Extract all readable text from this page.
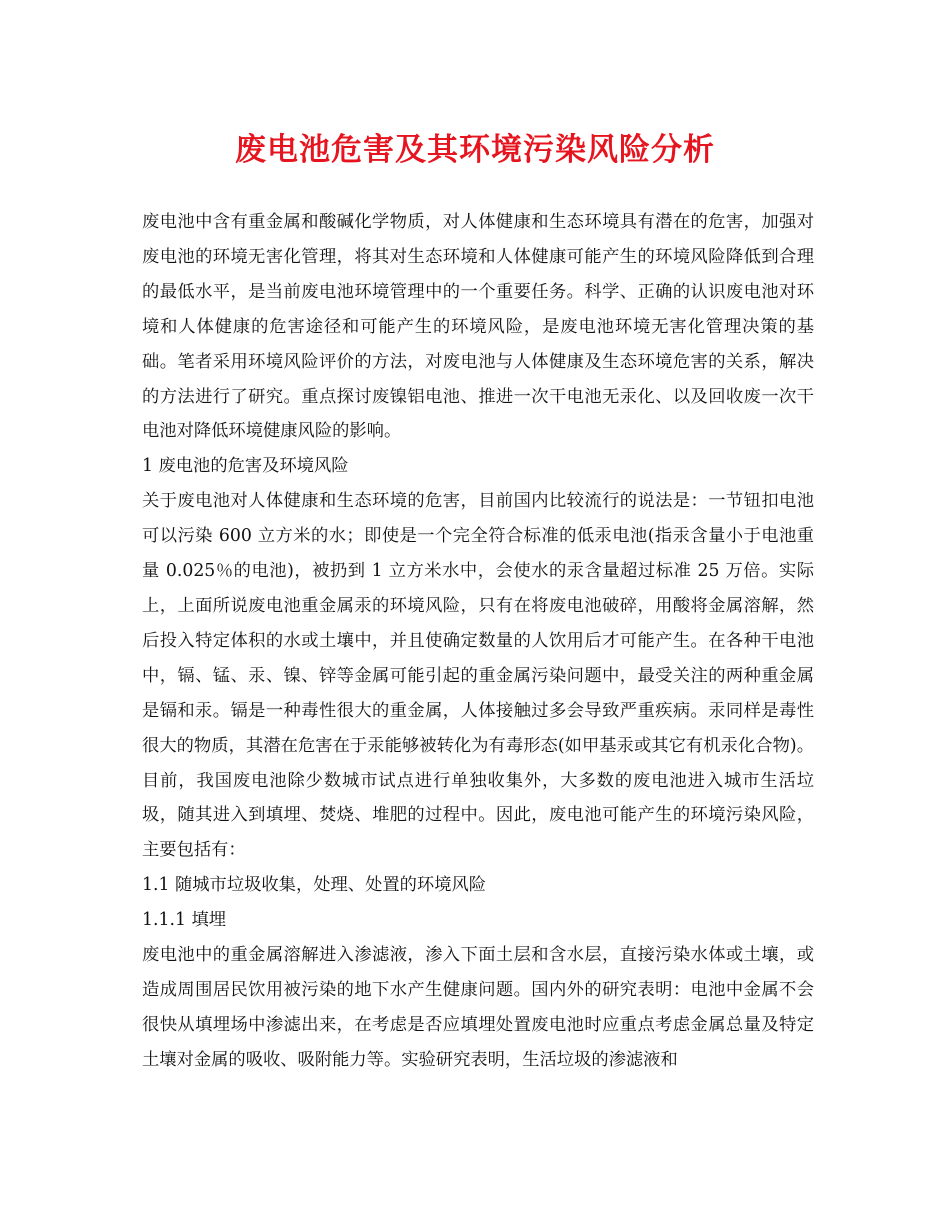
废电池危害及其环境污染风险分析

废电池中含有重金属和酸碱化学物质，对人体健康和生态环境具有潜在的危害，加强对废电池的环境无害化管理，将其对生态环境和人体健康可能产生的环境风险降低到合理的最低水平，是当前废电池环境管理中的一个重要任务。科学、正确的认识废电池对环境和人体健康的危害途径和可能产生的环境风险，是废电池环境无害化管理决策的基础。笔者采用环境风险评价的方法，对废电池与人体健康及生态环境危害的关系，解决的方法进行了研究。重点探讨废镍铝电池、推进一次干电池无汞化、以及回收废一次干电池对降低环境健康风险的影响。

1 废电池的危害及环境风险

关于废电池对人体健康和生态环境的危害，目前国内比较流行的说法是：一节钮扣电池可以污染 600 立方米的水；即使是一个完全符合标准的低汞电池(指汞含量小于电池重量 0.025％的电池)，被扔到 1 立方米水中，会使水的汞含量超过标准 25 万倍。实际上，上面所说废电池重金属汞的环境风险，只有在将废电池破碎，用酸将金属溶解，然后投入特定体积的水或土壤中，并且使确定数量的人饮用后才可能产生。在各种干电池中，镉、锰、汞、镍、锌等金属可能引起的重金属污染问题中，最受关注的两种重金属是镉和汞。镉是一种毒性很大的重金属，人体接触过多会导致严重疾病。汞同样是毒性很大的物质，其潜在危害在于汞能够被转化为有毒形态(如甲基汞或其它有机汞化合物)。目前，我国废电池除少数城市试点进行单独收集外，大多数的废电池进入城市生活垃圾，随其进入到填埋、焚烧、堆肥的过程中。因此，废电池可能产生的环境污染风险，主要包括有：

1.1 随城市垃圾收集，处理、处置的环境风险

1.1.1 填埋

废电池中的重金属溶解进入渗滤液，渗入下面土层和含水层，直接污染水体或土壤，或造成周围居民饮用被污染的地下水产生健康问题。国内外的研究表明：电池中金属不会很快从填埋场中渗滤出来，在考虑是否应填埋处置废电池时应重点考虑金属总量及特定土壤对金属的吸收、吸附能力等。实验研究表明，生活垃圾的渗滤液和
